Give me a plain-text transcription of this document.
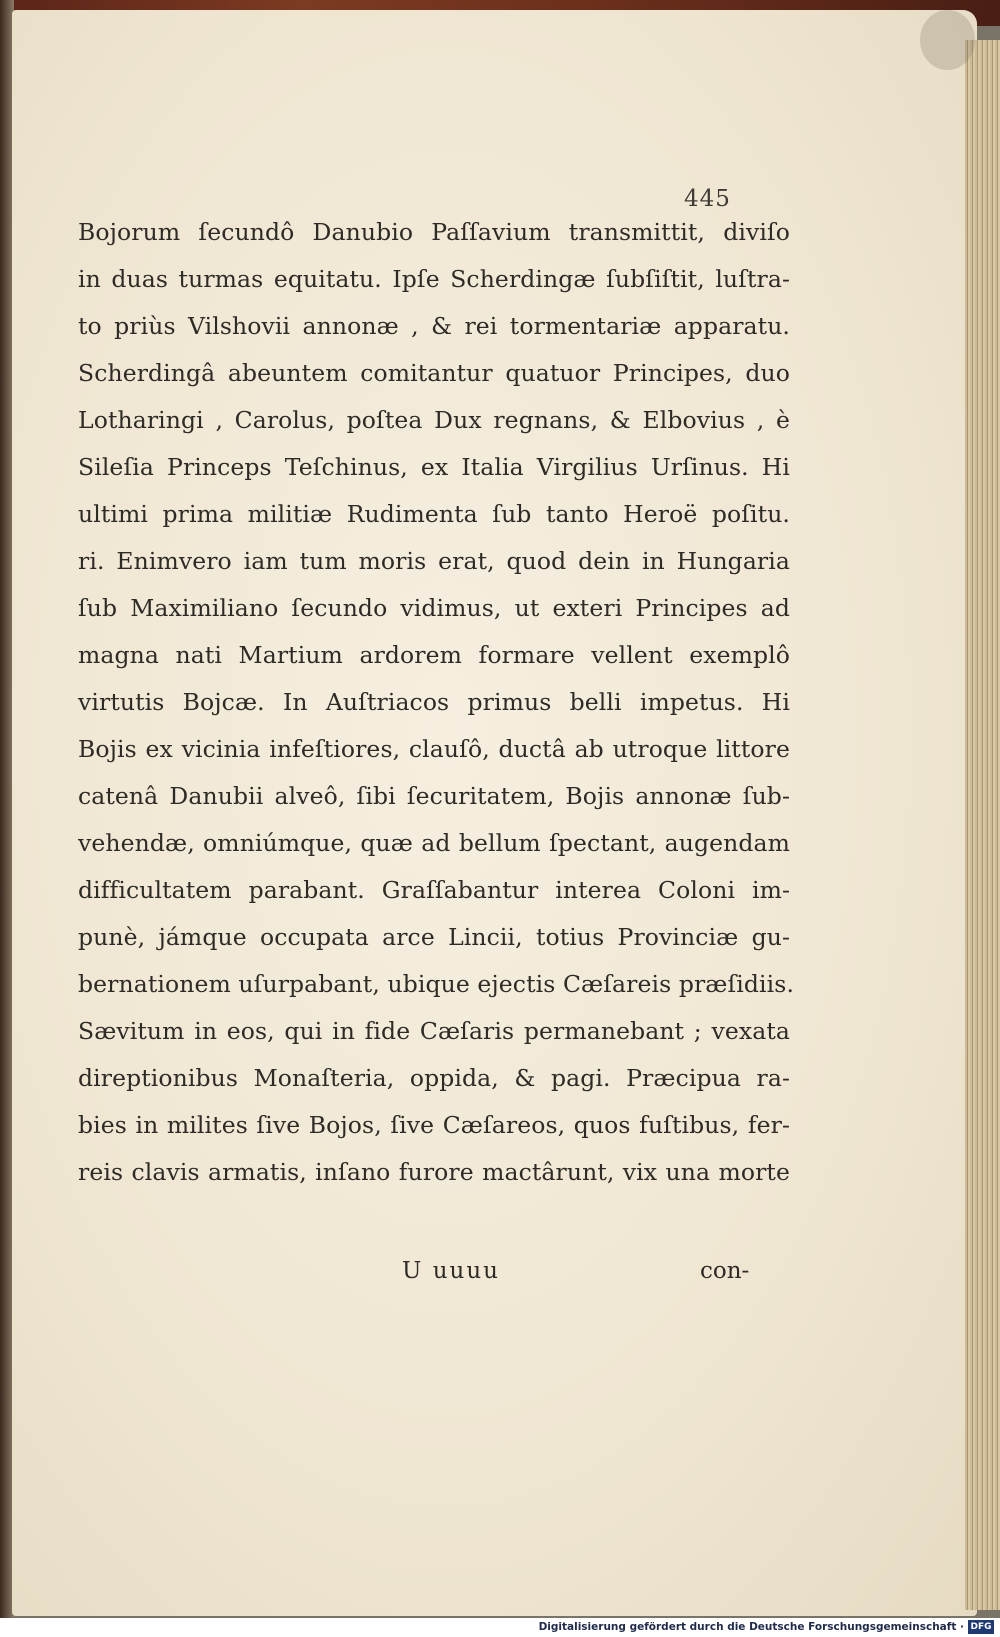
445
Bojorum ſecundô Danubio Paſſavium transmittit, diviſo
in duas turmas equitatu. Ipſe Scherdingæ ſubſiſtit, luſtra-
to priùs Vilshovii annonæ , & rei tormentariæ apparatu.
Scherdingâ abeuntem comitantur quatuor Principes, duo
Lotharingi , Carolus, poſtea Dux regnans, & Elbovius , è
Sileſia Princeps Teſchinus, ex Italia Virgilius Urſinus. Hi
ultimi prima militiæ Rudimenta ſub tanto Heroë poſitu.
ri. Enimvero iam tum moris erat, quod dein in Hungaria
ſub Maximiliano ſecundo vidimus, ut exteri Principes ad
magna nati Martium ardorem formare vellent exemplô
virtutis Bojcæ. In Auſtriacos primus belli impetus. Hi
Bojis ex vicinia infeſtiores, clauſô, ductâ ab utroque littore
catenâ Danubii alveô, ſibi ſecuritatem, Bojis annonæ ſub-
vehendæ, omniúmque, quæ ad bellum ſpectant, augendam
difficultatem parabant. Graſſabantur interea Coloni im-
punè, jámque occupata arce Lincii, totius Provinciæ gu-
bernationem uſurpabant, ubique ejectis Cæſareis præſidiis.
Sævitum in eos, qui in fide Cæſaris permanebant ; vexata
direptionibus Monaſteria, oppida, & pagi. Præcipua ra-
bies in milites ſive Bojos, ſive Cæſareos, quos fuſtibus, fer-
reis clavis armatis, inſano furore mactârunt, vix una morte
U uuuu	con-
Digitalisierung gefördert durch die Deutsche Forschungsgemeinschaft · DFG
